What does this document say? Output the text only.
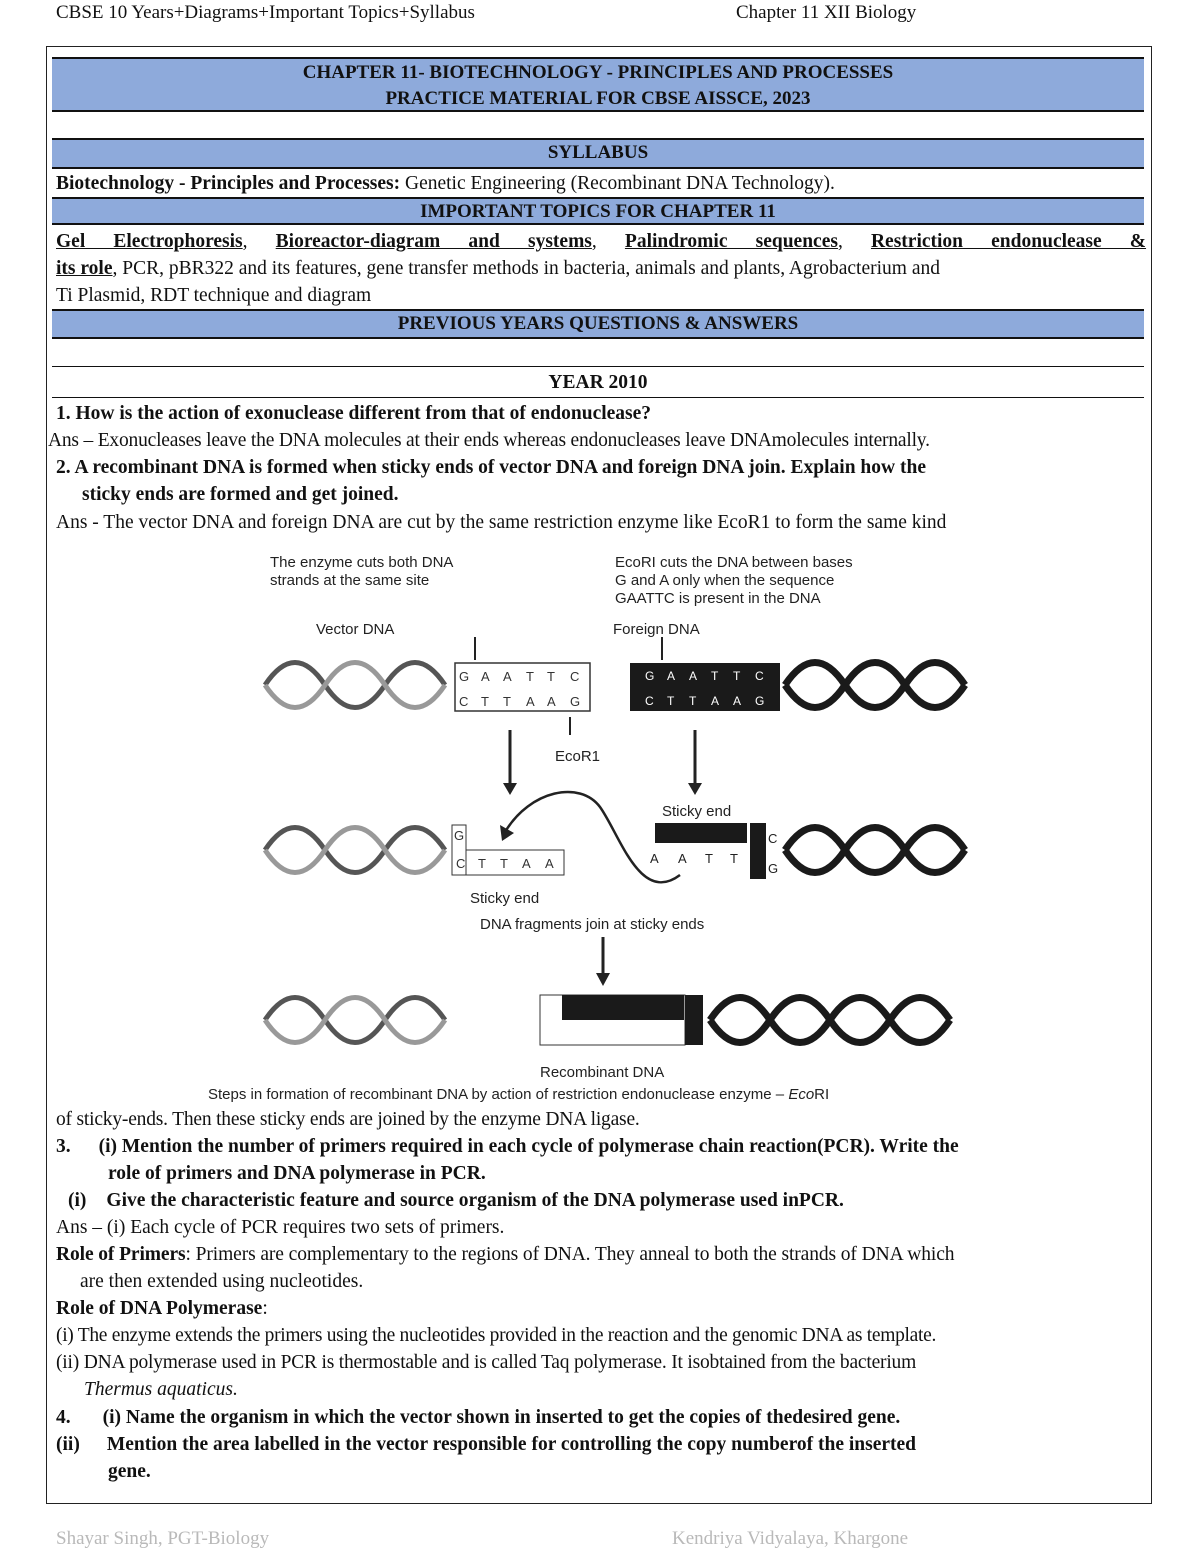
CBSE 10 Years+Diagrams+Important Topics+Syllabus	Chapter 11 XII Biology
CHAPTER 11- BIOTECHNOLOGY - PRINCIPLES AND PROCESSES
PRACTICE MATERIAL FOR CBSE AISSCE, 2023
SYLLABUS
Biotechnology - Principles and Processes: Genetic Engineering (Recombinant DNA Technology).
IMPORTANT TOPICS FOR CHAPTER 11
Gel Electrophoresis, Bioreactor-diagram and systems, Palindromic sequences, Restriction endonuclease &
its role, PCR, pBR322 and its features, gene transfer methods in bacteria, animals and plants, Agrobacterium and
Ti Plasmid, RDT technique and diagram
PREVIOUS YEARS QUESTIONS & ANSWERS
YEAR 2010
1. How is the action of exonuclease different from that of endonuclease?
Ans – Exonucleases leave the DNA molecules at their ends whereas endonucleases leave DNAmolecules internally.
2. A recombinant DNA is formed when sticky ends of vector DNA and foreign DNA join. Explain how the
sticky ends are formed and get joined.
Ans - The vector DNA and foreign DNA are cut by the same restriction enzyme like EcoR1 to form the same kind
The enzyme cuts both DNA
strands at the same site
EcoRI cuts the DNA between bases
G and A only when the sequence
GAATTC is present in the DNA
Vector DNA	Foreign DNA
EcoR1
Sticky end
Sticky end
DNA fragments join at sticky ends
Recombinant DNA
Steps in formation of recombinant DNA by action of restriction endonuclease enzyme – EcoRI
G A A T T C
C T T A A G
G A A T T C
C T T A A G
G
C T T A A	A A T T
C
G
of sticky-ends. Then these sticky ends are joined by the enzyme DNA ligase.
3. (i) Mention the number of primers required in each cycle of polymerase chain reaction(PCR). Write the
role of primers and DNA polymerase in PCR.
(i) Give the characteristic feature and source organism of the DNA polymerase used inPCR.
Ans – (i) Each cycle of PCR requires two sets of primers.
Role of Primers: Primers are complementary to the regions of DNA. They anneal to both the strands of DNA which
are then extended using nucleotides.
Role of DNA Polymerase:
(i) The enzyme extends the primers using the nucleotides provided in the reaction and the genomic DNA as template.
(ii) DNA polymerase used in PCR is thermostable and is called Taq polymerase. It isobtained from the bacterium
Thermus aquaticus.
4. (i) Name the organism in which the vector shown in inserted to get the copies of thedesired gene.
(ii) Mention the area labelled in the vector responsible for controlling the copy numberof the inserted
gene.
Shayar Singh, PGT-Biology	Kendriya Vidyalaya, Khargone
